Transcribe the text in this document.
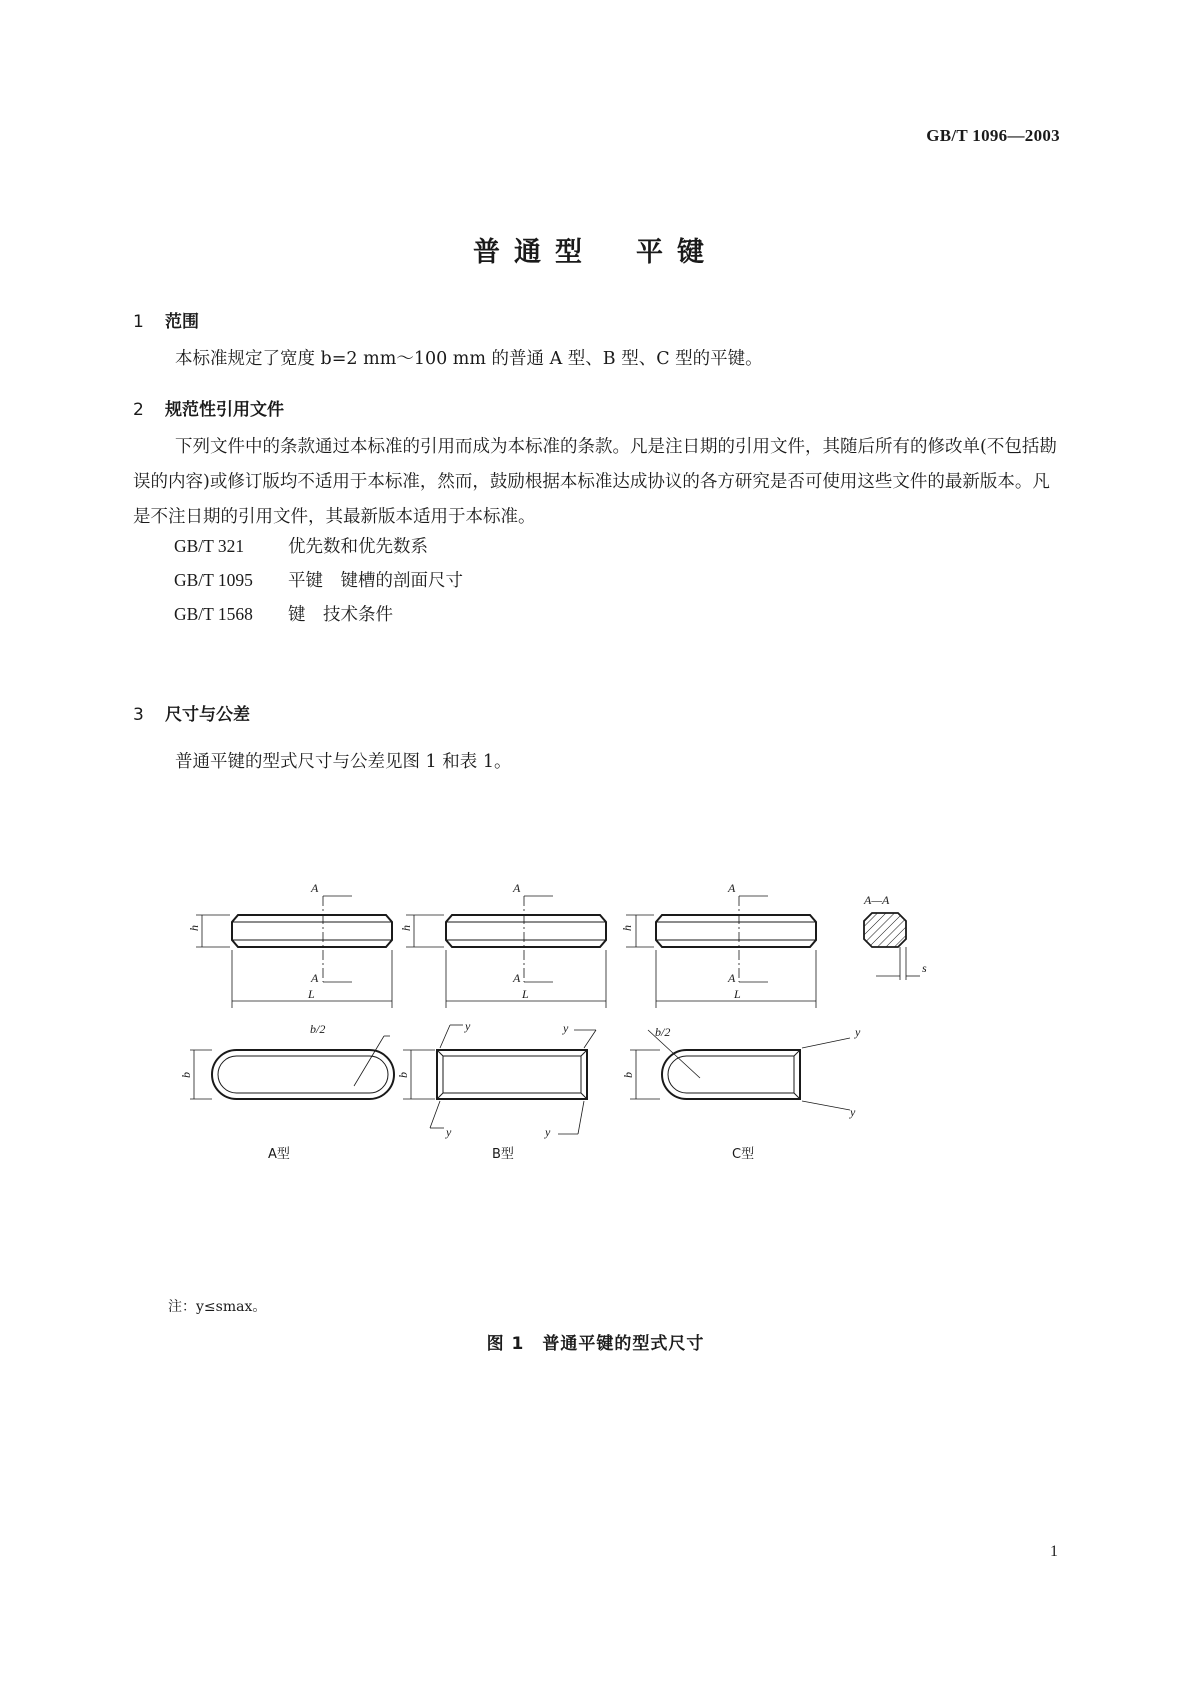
GB/T 1096—2003
普通型 平键
1 范围
本标准规定了宽度 b=2 mm～100 mm 的普通 A 型、B 型、C 型的平键。
2 规范性引用文件
下列文件中的条款通过本标准的引用而成为本标准的条款。凡是注日期的引用文件，其随后所有的修改单(不包括勘误的内容)或修订版均不适用于本标准，然而，鼓励根据本标准达成协议的各方研究是否可使用这些文件的最新版本。凡是不注日期的引用文件，其最新版本适用于本标准。
GB/T 321	优先数和优先数系
GB/T 1095 平键　键槽的剖面尺寸
GB/T 1568 键　技术条件
3 尺寸与公差
普通平键的型式尺寸与公差见图 1 和表 1。
h	h	h
A
A
A
A
A
A
L	L	L
A—A
s
b	b	b
b/2	b/2
y	y
y	y
y
y
A型	B型	C型
注：y≤smax。
图 1　普通平键的型式尺寸
1
